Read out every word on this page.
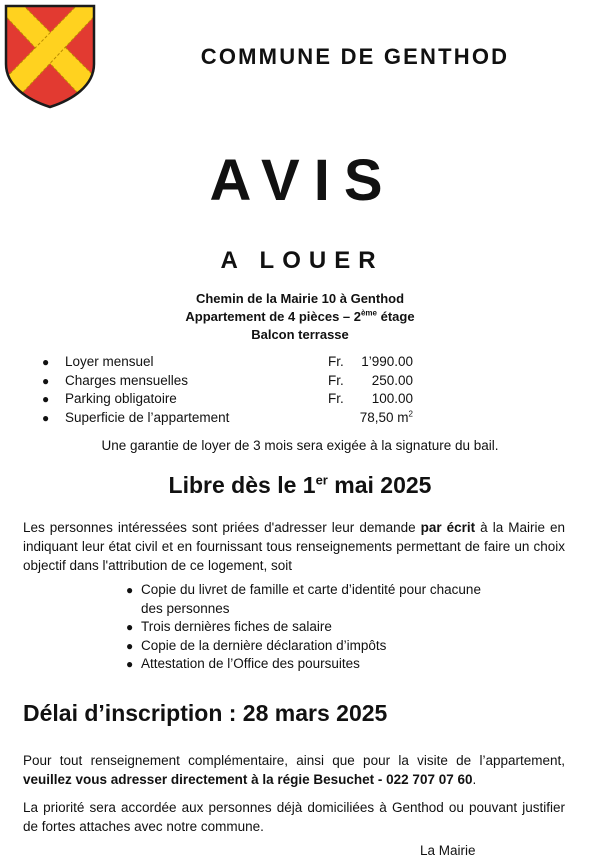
COMMUNE DE GENTHOD
AVIS
A LOUER
Chemin de la Mairie 10 à Genthod
Appartement de 4 pièces – 2ème étage
Balcon terrasse
● Loyer mensuel	Fr. 1’990.00
● Charges mensuelles	Fr. 250.00
● Parking obligatoire	Fr. 100.00
● Superficie de l’appartement	78,50 $m^2$
Une garantie de loyer de 3 mois sera exigée à la signature du bail.
Libre dès le 1er mai 2025
Les personnes intéressées sont priées d'adresser leur demande par écrit à la Mairie en indiquant leur état civil et en fournissant tous renseignements permettant de faire un choix objectif dans l'attribution de ce logement, soit
● Copie du livret de famille et carte d’identité pour chacune des personnes
● Trois dernières fiches de salaire
● Copie de la dernière déclaration d’impôts
● Attestation de l’Office des poursuites
Délai d’inscription : 28 mars 2025
Pour tout renseignement complémentaire, ainsi que pour la visite de l’appartement, veuillez vous adresser directement à la régie Besuchet - 022 707 07 60.
La priorité sera accordée aux personnes déjà domiciliées à Genthod ou pouvant justifier de fortes attaches avec notre commune.
La Mairie
